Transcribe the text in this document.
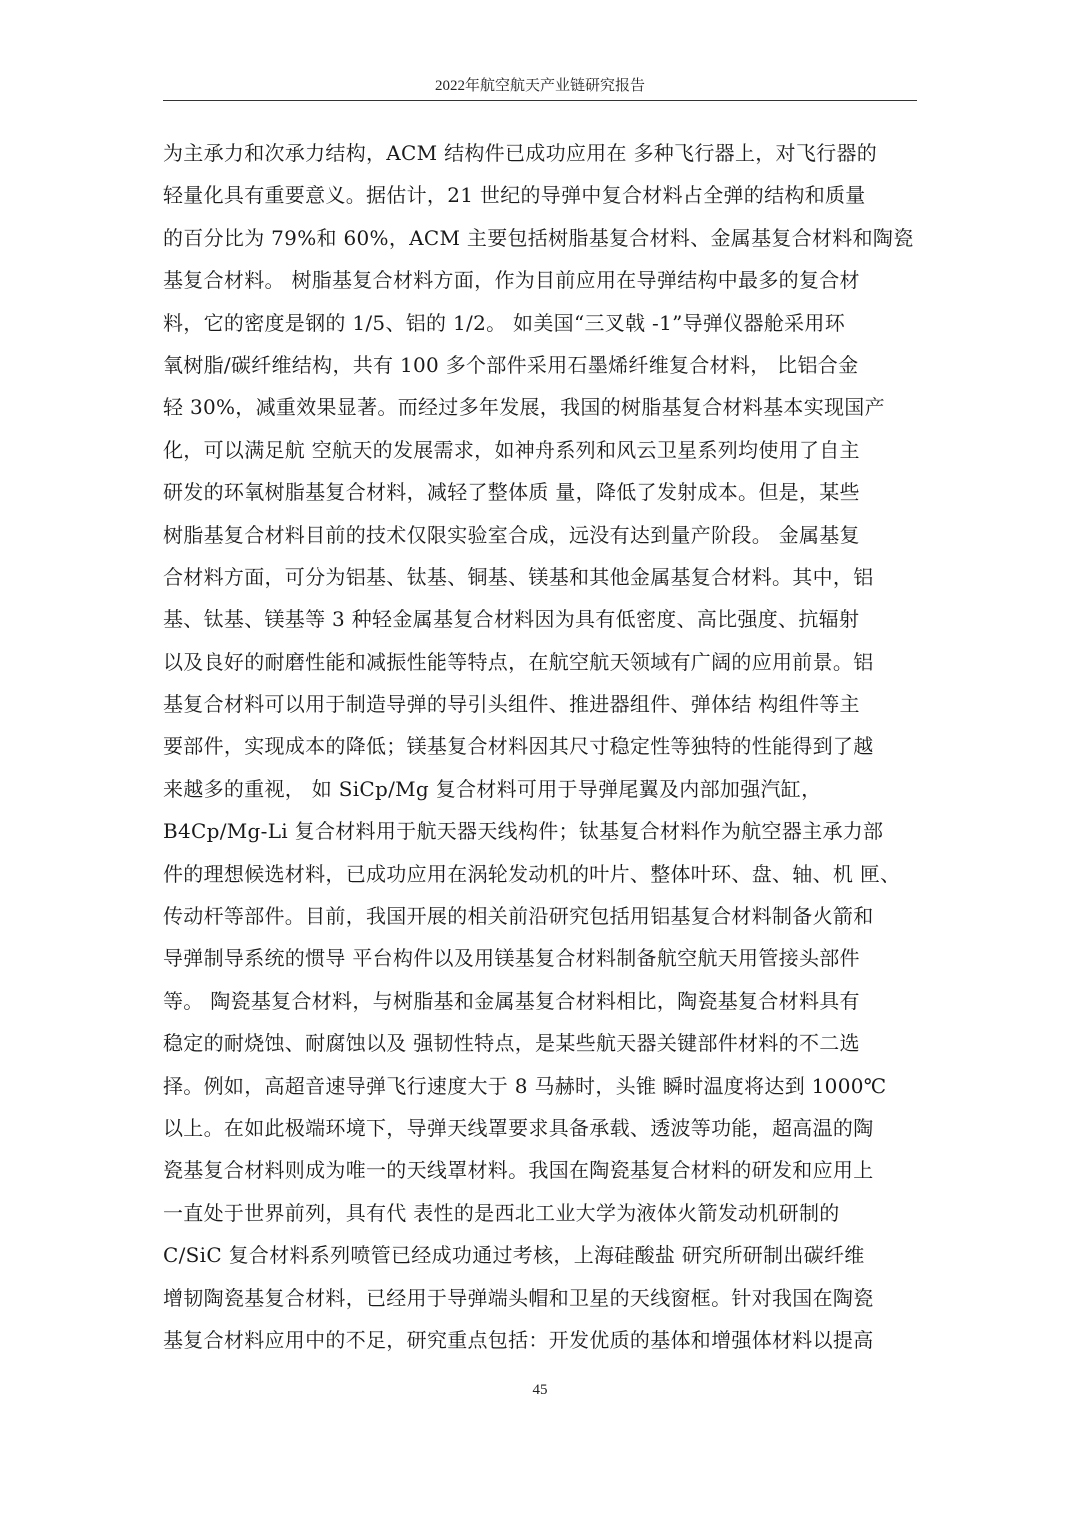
2022年航空航天产业链研究报告
为主承力和次承力结构，ACM 结构件已成功应用在 多种飞行器上，对飞行器的
轻量化具有重要意义。据估计，21 世纪的导弹中复合材料占全弹的结构和质量
的百分比为 79%和 60%，ACM 主要包括树脂基复合材料、金属基复合材料和陶瓷
基复合材料。 树脂基复合材料方面，作为目前应用在导弹结构中最多的复合材
料，它的密度是钢的 1/5、铝的 1/2。 如美国“三叉戟 -1”导弹仪器舱采用环
氧树脂/碳纤维结构，共有 100 多个部件采用石墨烯纤维复合材料， 比铝合金
轻 30%，减重效果显著。而经过多年发展，我国的树脂基复合材料基本实现国产
化，可以满足航 空航天的发展需求，如神舟系列和风云卫星系列均使用了自主
研发的环氧树脂基复合材料，减轻了整体质 量，降低了发射成本。但是，某些
树脂基复合材料目前的技术仅限实验室合成，远没有达到量产阶段。 金属基复
合材料方面，可分为铝基、钛基、铜基、镁基和其他金属基复合材料。其中，铝
基、钛基、镁基等 3 种轻金属基复合材料因为具有低密度、高比强度、抗辐射
以及良好的耐磨性能和减振性能等特点，在航空航天领域有广阔的应用前景。铝
基复合材料可以用于制造导弹的导引头组件、推进器组件、弹体结 构组件等主
要部件，实现成本的降低；镁基复合材料因其尺寸稳定性等独特的性能得到了越
来越多的重视， 如 SiCp/Mg 复合材料可用于导弹尾翼及内部加强汽缸，
B4Cp/Mg-Li 复合材料用于航天器天线构件；钛基复合材料作为航空器主承力部
件的理想候选材料，已成功应用在涡轮发动机的叶片、整体叶环、盘、轴、机 匣、
传动杆等部件。目前，我国开展的相关前沿研究包括用铝基复合材料制备火箭和
导弹制导系统的惯导 平台构件以及用镁基复合材料制备航空航天用管接头部件
等。 陶瓷基复合材料，与树脂基和金属基复合材料相比，陶瓷基复合材料具有
稳定的耐烧蚀、耐腐蚀以及 强韧性特点，是某些航天器关键部件材料的不二选
择。例如，高超音速导弹飞行速度大于 8 马赫时，头锥 瞬时温度将达到 1000℃
以上。在如此极端环境下，导弹天线罩要求具备承载、透波等功能，超高温的陶
瓷基复合材料则成为唯一的天线罩材料。我国在陶瓷基复合材料的研发和应用上
一直处于世界前列，具有代 表性的是西北工业大学为液体火箭发动机研制的
C/SiC 复合材料系列喷管已经成功通过考核，上海硅酸盐 研究所研制出碳纤维
增韧陶瓷基复合材料，已经用于导弹端头帽和卫星的天线窗框。针对我国在陶瓷
基复合材料应用中的不足，研究重点包括：开发优质的基体和增强体材料以提高
45
